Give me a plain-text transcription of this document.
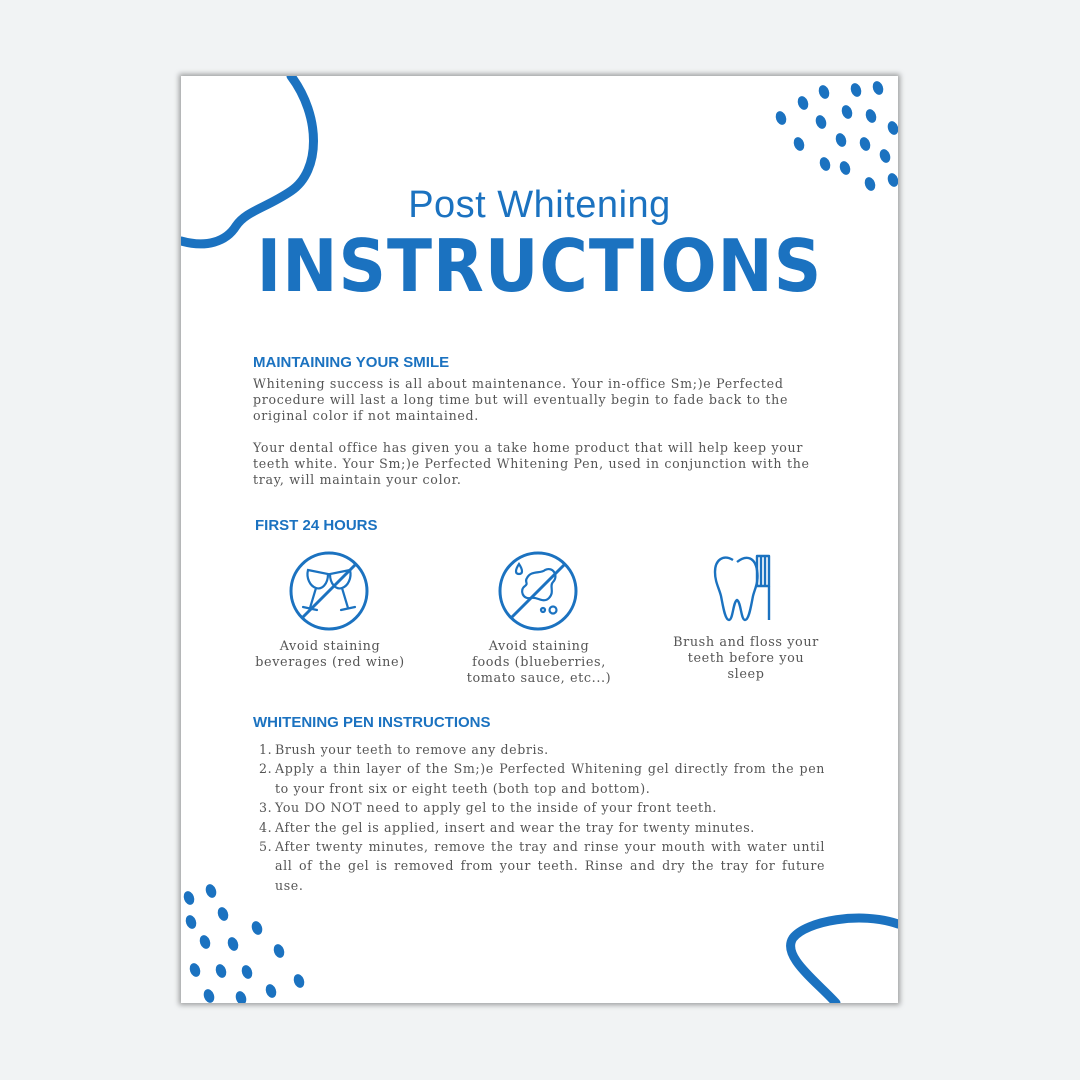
Post Whitening
INSTRUCTIONS
MAINTAINING YOUR SMILE
Whitening success is all about maintenance. Your in-office Sm;)e Perfected
procedure will last a long time but will eventually begin to fade back to the
original color if not maintained.
Your dental office has given you a take home product that will help keep your
teeth white. Your Sm;)e Perfected Whitening Pen, used in conjunction with the
tray, will maintain your color.
FIRST 24 HOURS
Avoid staining
beverages (red wine)
Avoid staining
foods (blueberries,
tomato sauce, etc...)
Brush and floss your
teeth before you
sleep
WHITENING PEN INSTRUCTIONS
1. Brush your teeth to remove any debris.
2. Apply a thin layer of the Sm;)e Perfected Whitening gel directly from the pen to your front six or eight teeth (both top and bottom).
3. You DO NOT need to apply gel to the inside of your front teeth.
4. After the gel is applied, insert and wear the tray for twenty minutes.
5. After twenty minutes, remove the tray and rinse your mouth with water until all of the gel is removed from your teeth. Rinse and dry the tray for future use.
